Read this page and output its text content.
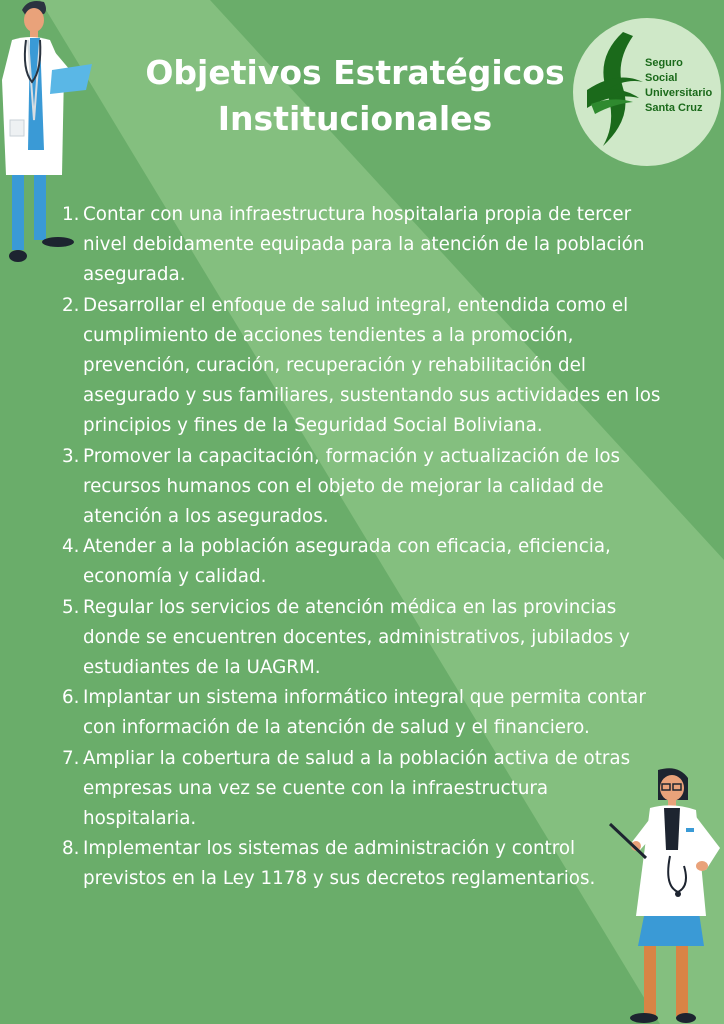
Objetivos Estratégicos
Institucionales
Seguro
Social
Universitario
Santa Cruz
1. Contar con una infraestructura hospitalaria propia de tercer nivel debidamente equipada para la atención de la población asegurada.
2. Desarrollar el enfoque de salud integral, entendida como el cumplimiento de acciones tendientes a la promoción, prevención, curación, recuperación y rehabilitación del asegurado y sus familiares, sustentando sus actividades en los principios y fines de la Seguridad Social Boliviana.
3. Promover la capacitación, formación y actualización de los recursos humanos con el objeto de mejorar la calidad de atención a los asegurados.
4. Atender a la población asegurada con eficacia, eficiencia, economía y calidad.
5. Regular los servicios de atención médica en las provincias donde se encuentren docentes, administrativos, jubilados y estudiantes de la UAGRM.
6. Implantar un sistema informático integral que permita contar con información de la atención de salud y el financiero.
7. Ampliar la cobertura de salud a la población activa de otras empresas una vez se cuente con la infraestructura hospitalaria.
8. Implementar los sistemas de administración y control previstos en la Ley 1178 y sus decretos reglamentarios.
